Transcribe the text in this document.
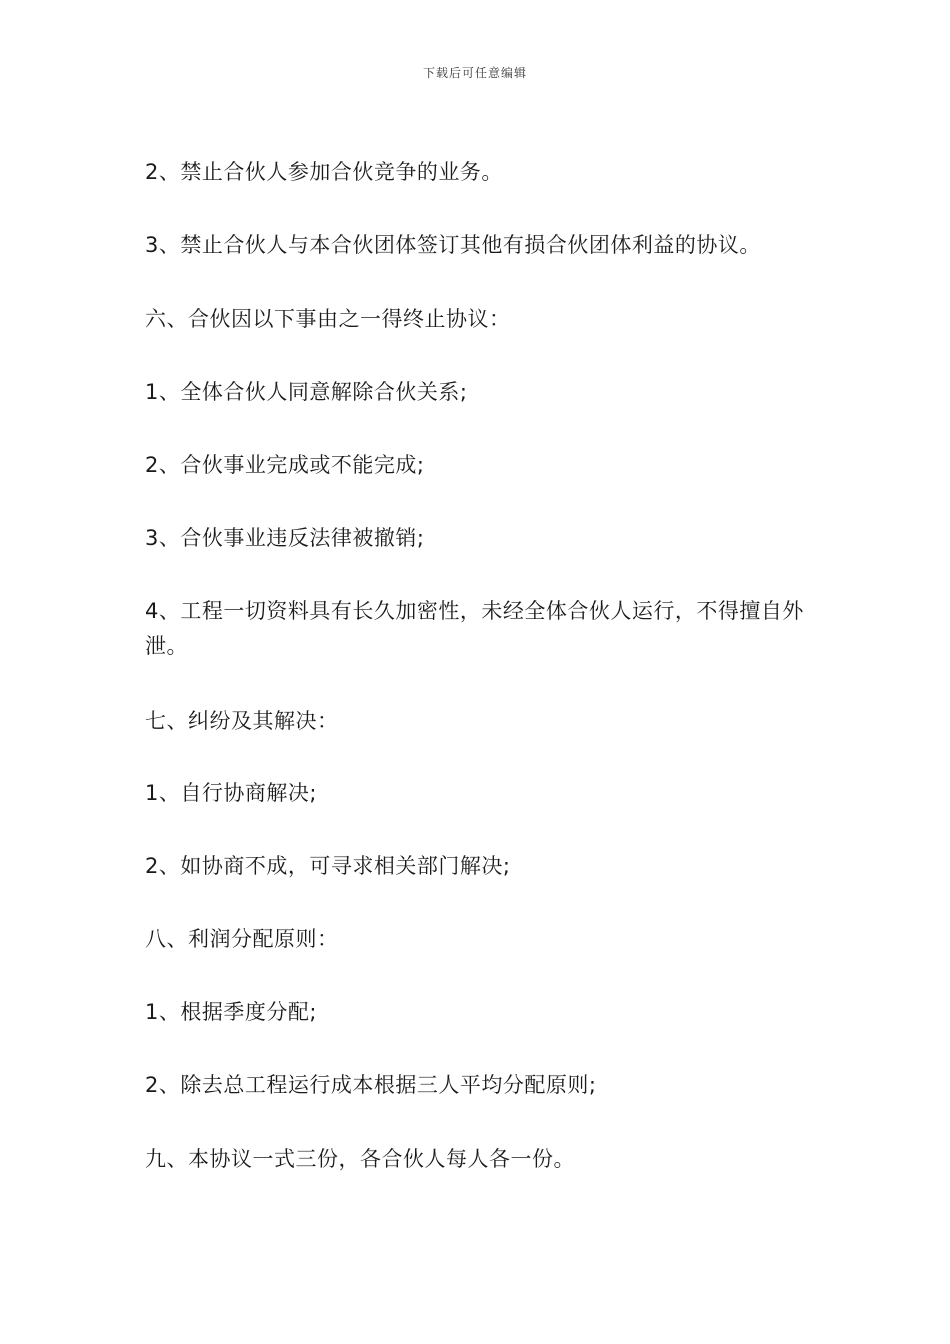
下载后可任意编辑

2、禁止合伙人参加合伙竞争的业务。

3、禁止合伙人与本合伙团体签订其他有损合伙团体利益的协议。

六、合伙因以下事由之一得终止协议：

1、全体合伙人同意解除合伙关系;

2、合伙事业完成或不能完成;

3、合伙事业违反法律被撤销;

4、工程一切资料具有长久加密性，未经全体合伙人运行，不得擅自外泄。

七、纠纷及其解决：

1、自行协商解决;

2、如协商不成，可寻求相关部门解决;

八、利润分配原则：

1、根据季度分配;

2、除去总工程运行成本根据三人平均分配原则;

九、本协议一式三份，各合伙人每人各一份。
